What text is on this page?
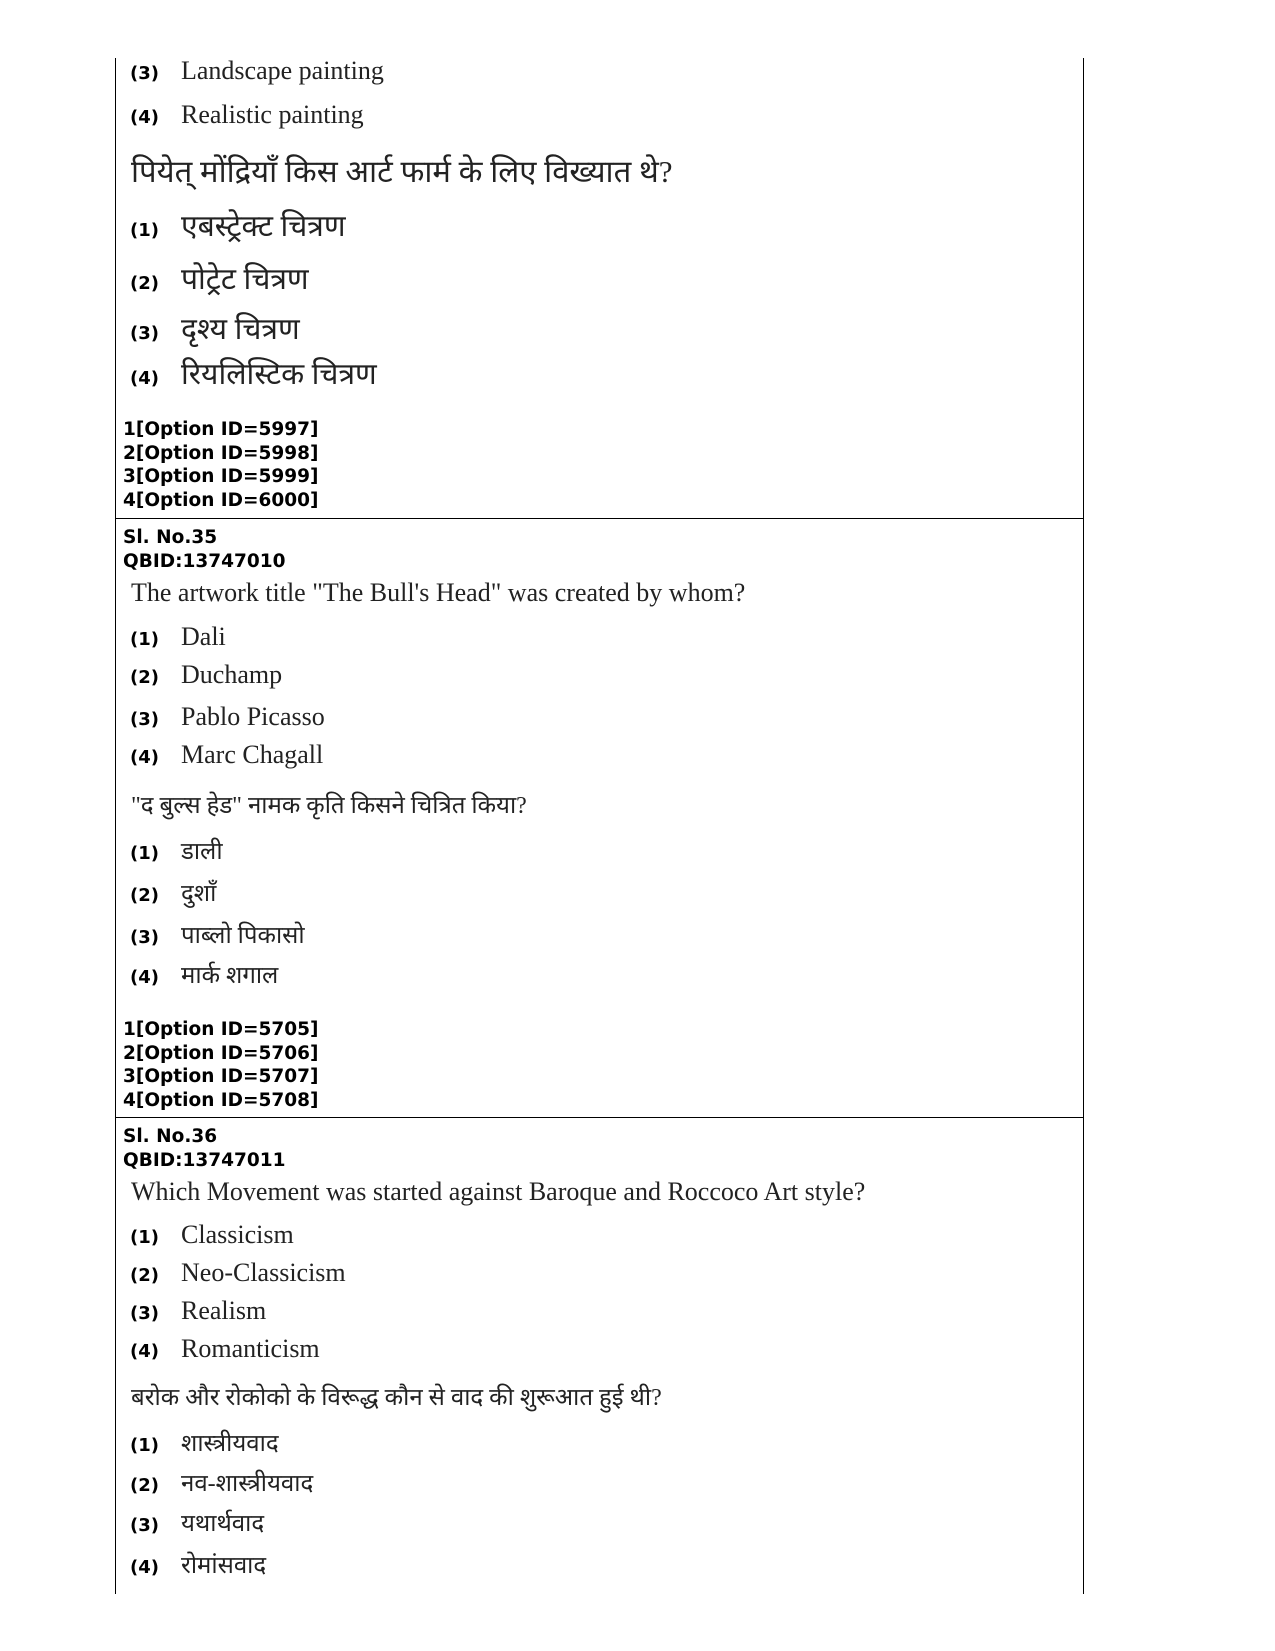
(3) Landscape painting
(4) Realistic painting
पियेत् मोंद्रियाँ किस आर्ट फार्म के लिए विख्यात थे?
(1) एबस्ट्रेक्ट चित्रण
(2) पोट्रेट चित्रण
(3) दृश्य चित्रण
(4) रियलिस्टिक चित्रण
1[Option ID=5997]
2[Option ID=5998]
3[Option ID=5999]
4[Option ID=6000]
Sl. No.35
QBID:13747010
The artwork title "The Bull's Head" was created by whom?
(1) Dali
(2) Duchamp
(3) Pablo Picasso
(4) Marc Chagall
"द बुल्स हेड" नामक कृति किसने चित्रित किया?
(1) डाली
(2) दुशाँ
(3) पाब्लो पिकासो
(4) मार्क शगाल
1[Option ID=5705]
2[Option ID=5706]
3[Option ID=5707]
4[Option ID=5708]
Sl. No.36
QBID:13747011
Which Movement was started against Baroque and Roccoco Art style?
(1) Classicism
(2) Neo-Classicism
(3) Realism
(4) Romanticism
बरोक और रोकोको के विरूद्ध कौन से वाद की शुरूआत हुई थी?
(1) शास्त्रीयवाद
(2) नव-शास्त्रीयवाद
(3) यथार्थवाद
(4) रोमांसवाद
